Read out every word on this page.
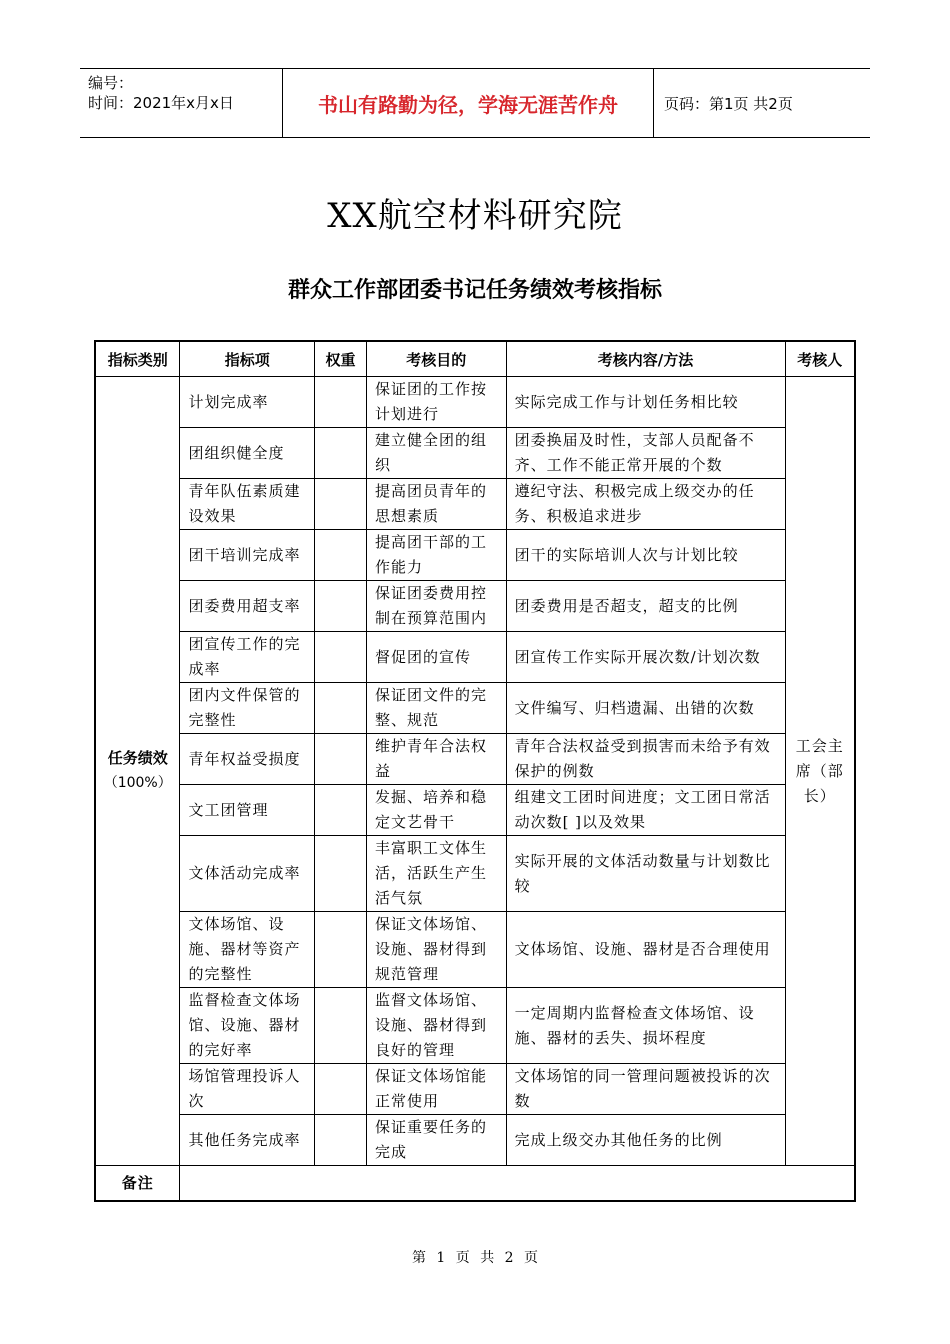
编号：
时间：2021年x月x日	书山有路勤为径，学海无涯苦作舟	页码：第1页 共2页
XX航空材料研究院
群众工作部团委书记任务绩效考核指标
指标类别	指标项	权重	考核目的	考核内容/方法	考核人

任务绩效
（100%）	计划完成率		保证团的工作按计划进行	实际完成工作与计划任务相比较	工会主席（部长）
	团组织健全度		建立健全团的组织	团委换届及时性，支部人员配备不齐、工作不能正常开展的个数	
	青年队伍素质建设效果		提高团员青年的思想素质	遵纪守法、积极完成上级交办的任务、积极追求进步	
	团干培训完成率		提高团干部的工作能力	团干的实际培训人次与计划比较	
	团委费用超支率		保证团委费用控制在预算范围内	团委费用是否超支，超支的比例	
	团宣传工作的完成率		督促团的宣传	团宣传工作实际开展次数/计划次数	
	团内文件保管的完整性		保证团文件的完整、规范	文件编写、归档遗漏、出错的次数	
	青年权益受损度		维护青年合法权益	青年合法权益受到损害而未给予有效保护的例数	
	文工团管理		发掘、培养和稳定文艺骨干	组建文工团时间进度；文工团日常活动次数[ ]以及效果	
	文体活动完成率		丰富职工文体生活，活跃生产生活气氛	实际开展的文体活动数量与计划数比较	
	文体场馆、设施、器材等资产的完整性		保证文体场馆、设施、器材得到规范管理	文体场馆、设施、器材是否合理使用	
	监督检查文体场馆、设施、器材的完好率		监督文体场馆、设施、器材得到良好的管理	一定周期内监督检查文体场馆、设施、器材的丢失、损坏程度	
	场馆管理投诉人次		保证文体场馆能正常使用	文体场馆的同一管理问题被投诉的次数	
	其他任务完成率		保证重要任务的完成	完成上级交办其他任务的比例	
备注					
第 1 页 共 2 页
